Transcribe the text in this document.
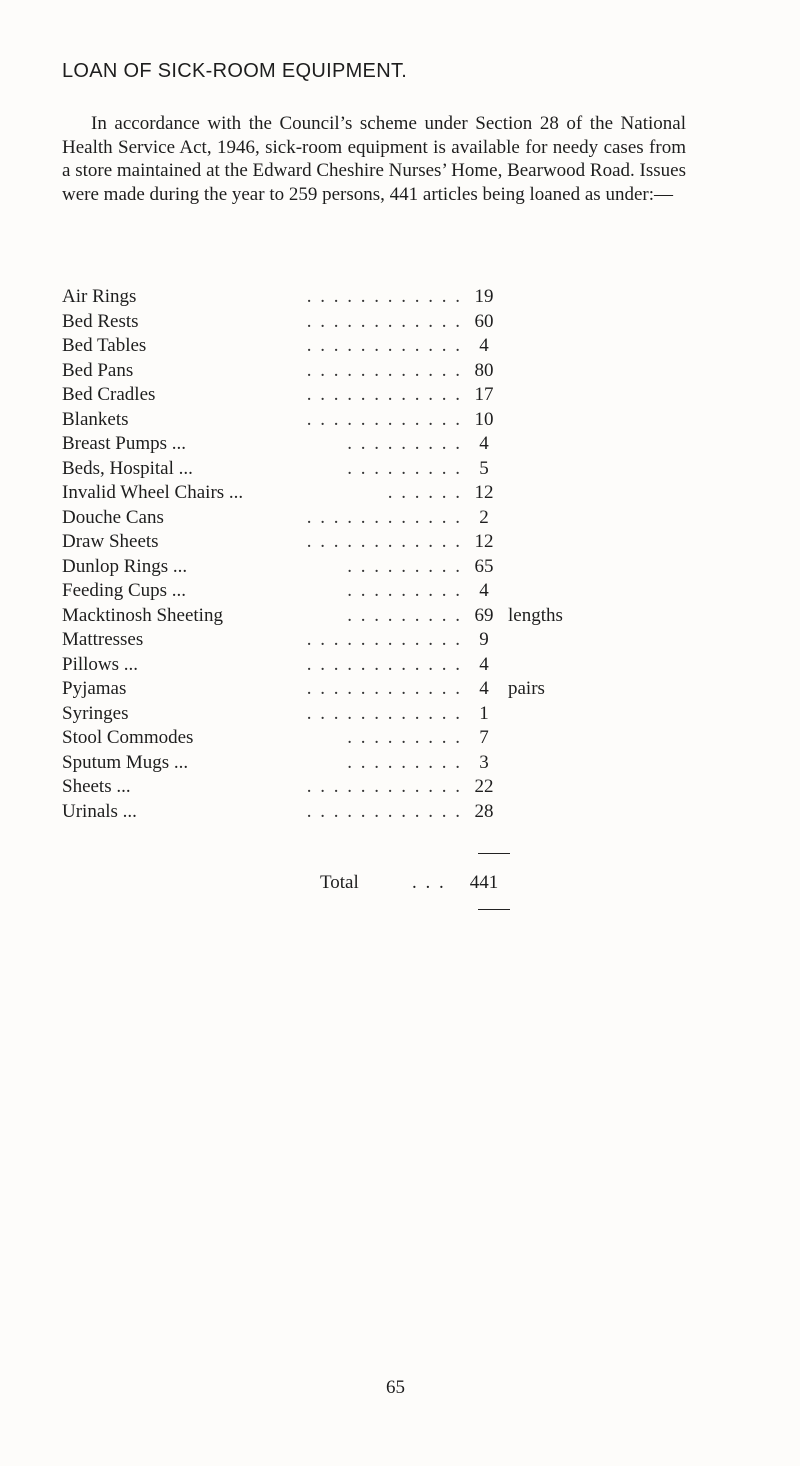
LOAN OF SICK-ROOM EQUIPMENT.

In accordance with the Council’s scheme under Section 28 of the National Health Service Act, 1946, sick-room equipment is available for needy cases from a store maintained at the Edward Cheshire Nurses’ Home, Bearwood Road. Issues were made during the year to 259 persons, 441 articles being loaned as under:—

Air Rings	. . . . . . . . . . . . 19
Bed Rests	. . . . . . . . . . . . 60
Bed Tables	. . . . . . . . . . . . 4
Bed Pans	. . . . . . . . . . . . 80
Bed Cradles	. . . . . . . . . . . . 17
Blankets	. . . . . . . . . . . . 10
Breast Pumps ...	. . . . . . . . . 4
Beds, Hospital ...	. . . . . . . . . 5
Invalid Wheel Chairs ...	. . . . . . 12
Douche Cans	. . . . . . . . . . . . 2
Draw Sheets	. . . . . . . . . . . . 12
Dunlop Rings ...	. . . . . . . . . 65
Feeding Cups ...	. . . . . . . . . 4
Macktinosh Sheeting	. . . . . . . . . 69 lengths
Mattresses	. . . . . . . . . . . . 9
Pillows ...	. . . . . . . . . . . . 4
Pyjamas	. . . . . . . . . . . . 4	pairs
Syringes	. . . . . . . . . . . . 1
Stool Commodes	. . . . . . . . . 7
Sputum Mugs ...	. . . . . . . . . 3
Sheets ...	. . . . . . . . . . . . 22
Urinals ...	. . . . . . . . . . . . 28
Total	. . . 441
65
